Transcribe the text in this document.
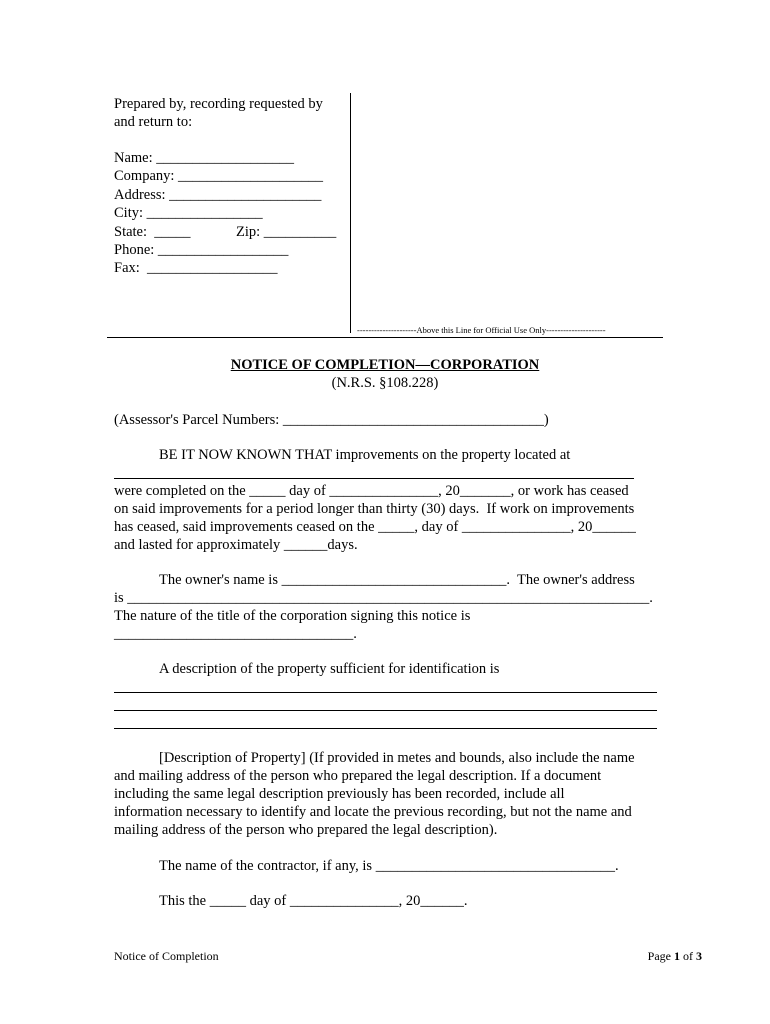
Prepared by, recording requested by
and return to:
Name: ___________________
Company: ____________________
Address: _____________________
City: ________________
State:  _____	Zip: __________
Phone: __________________
Fax:  __________________
---------------------Above this Line for Official Use Only---------------------
NOTICE OF COMPLETION—CORPORATION
(N.R.S. §108.228)
(Assessor's Parcel Numbers: ____________________________________)
BE IT NOW KNOWN THAT improvements on the property located at
were completed on the _____ day of _______________, 20_______, or work has ceased
on said improvements for a period longer than thirty (30) days.  If work on improvements
has ceased, said improvements ceased on the _____, day of _______________, 20______
and lasted for approximately ______days.
The owner's name is _______________________________.  The owner's address
is ________________________________________________________________________.
The nature of the title of the corporation signing this notice is
_________________________________.
A description of the property sufficient for identification is
[Description of Property] (If provided in metes and bounds, also include the name
and mailing address of the person who prepared the legal description. If a document
including the same legal description previously has been recorded, include all
information necessary to identify and locate the previous recording, but not the name and
mailing address of the person who prepared the legal description).
The name of the contractor, if any, is _________________________________.
This the _____ day of _______________, 20______.
Notice of Completion	Page 1 of 3
